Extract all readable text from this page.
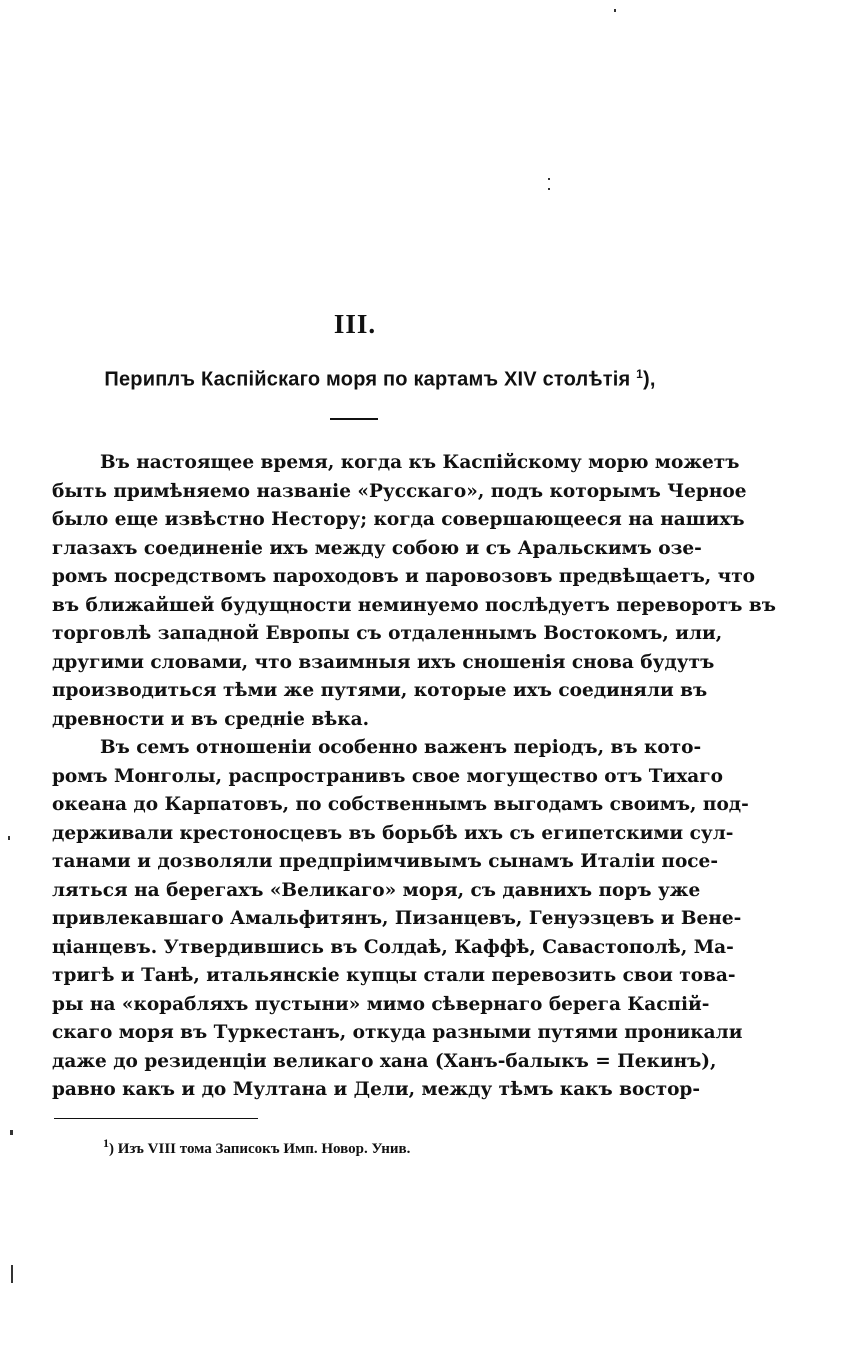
III.
Периплъ Каспійскаго моря по картамъ XIV столѣтія $^1$),
Въ настоящее время, когда къ Каспійскому морю можетъ
быть примѣняемо названіе «Русскаго», подъ которымъ Черное
было еще извѣстно Нестору; когда совершающееся на нашихъ
глазахъ соединеніе ихъ между собою и съ Аральскимъ озе-
ромъ посредствомъ пароходовъ и паровозовъ предвѣщаетъ, что
въ ближайшей будущности неминуемо послѣдуетъ переворотъ въ
торговлѣ западной Европы съ отдаленнымъ Востокомъ, или,
другими словами, что взаимныя ихъ сношенія снова будутъ
производиться тѣми же путями, которые ихъ соединяли въ
древности и въ средніе вѣка.
Въ семъ отношеніи особенно важенъ періодъ, въ кото-
ромъ Монголы, распространивъ свое могущество отъ Тихаго
океана до Карпатовъ, по собственнымъ выгодамъ своимъ, под-
держивали крестоносцевъ въ борьбѣ ихъ съ египетскими сул-
танами и дозволяли предпріимчивымъ сынамъ Италіи посе-
ляться на берегахъ «Великаго» моря, съ давнихъ поръ уже
привлекавшаго Амальфитянъ, Пизанцевъ, Генуэзцевъ и Вене-
ціанцевъ. Утвердившись въ Солдаѣ, Каффѣ, Савастополѣ, Ма-
тригѣ и Танѣ, итальянскіе купцы стали перевозить свои това-
ры на «корабляхъ пустыни» мимо сѣвернаго берега Каспій-
скаго моря въ Туркестанъ, откуда разными путями проникали
даже до резиденціи великаго хана (Ханъ-балыкъ = Пекинъ),
равно какъ и до Мултана и Дели, между тѣмъ какъ востор-
$^1$) Изъ VIII тома Записокъ Имп. Новор. Унив.
